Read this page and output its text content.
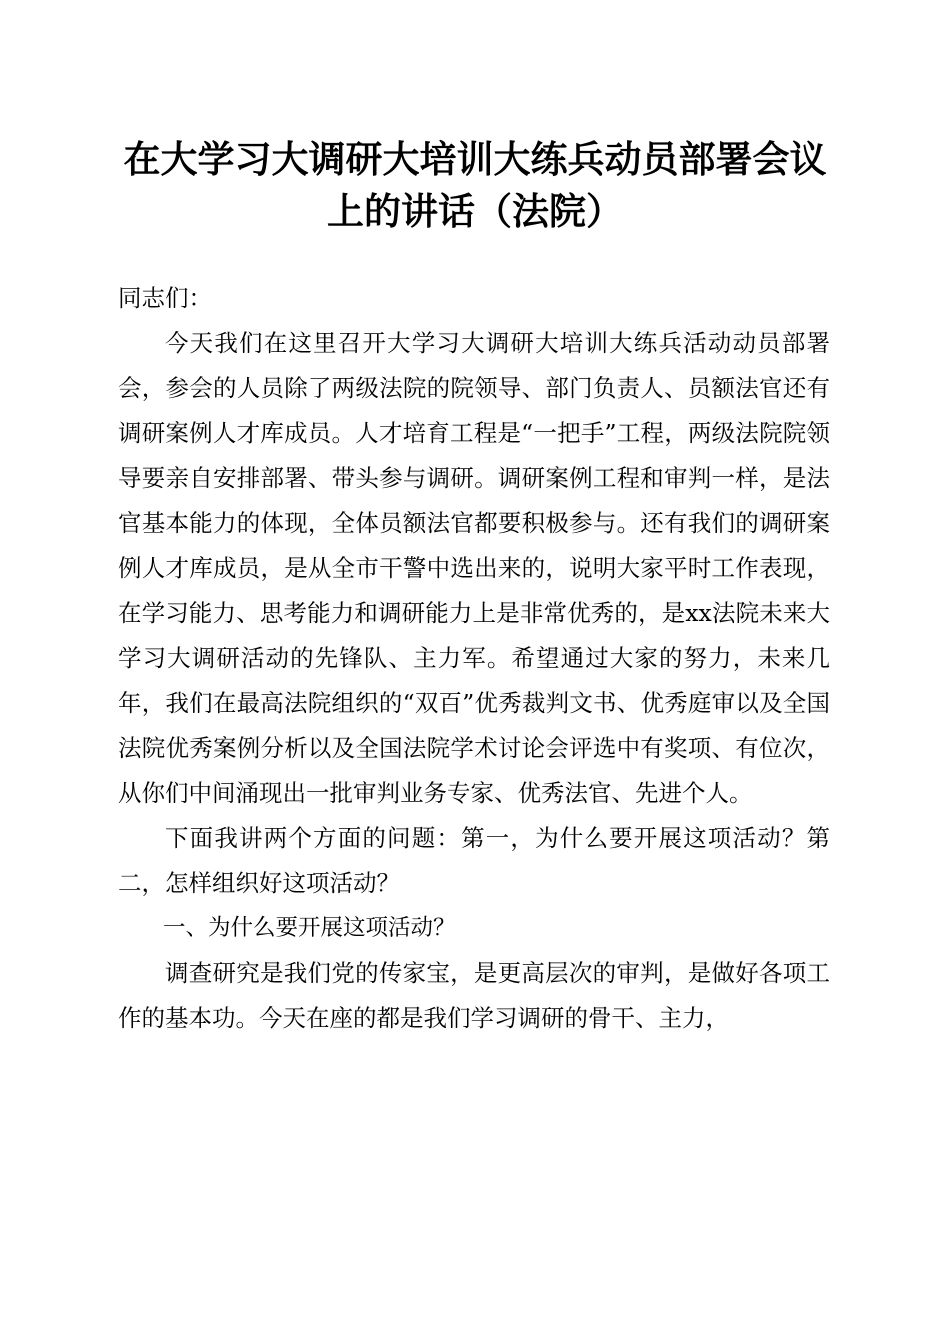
在大学习大调研大培训大练兵动员部署会议上的讲话（法院）

同志们：

今天我们在这里召开大学习大调研大培训大练兵活动动员部署会，参会的人员除了两级法院的院领导、部门负责人、员额法官还有调研案例人才库成员。人才培育工程是“一把手”工程，两级法院院领导要亲自安排部署、带头参与调研。调研案例工程和审判一样，是法官基本能力的体现，全体员额法官都要积极参与。还有我们的调研案例人才库成员，是从全市干警中选出来的，说明大家平时工作表现，在学习能力、思考能力和调研能力上是非常优秀的，是xx法院未来大学习大调研活动的先锋队、主力军。希望通过大家的努力，未来几年，我们在最高法院组织的“双百”优秀裁判文书、优秀庭审以及全国法院优秀案例分析以及全国法院学术讨论会评选中有奖项、有位次，从你们中间涌现出一批审判业务专家、优秀法官、先进个人。

下面我讲两个方面的问题：第一，为什么要开展这项活动？第二，怎样组织好这项活动？

一、为什么要开展这项活动？

调查研究是我们党的传家宝，是更高层次的审判，是做好各项工作的基本功。今天在座的都是我们学习调研的骨干、主力，
